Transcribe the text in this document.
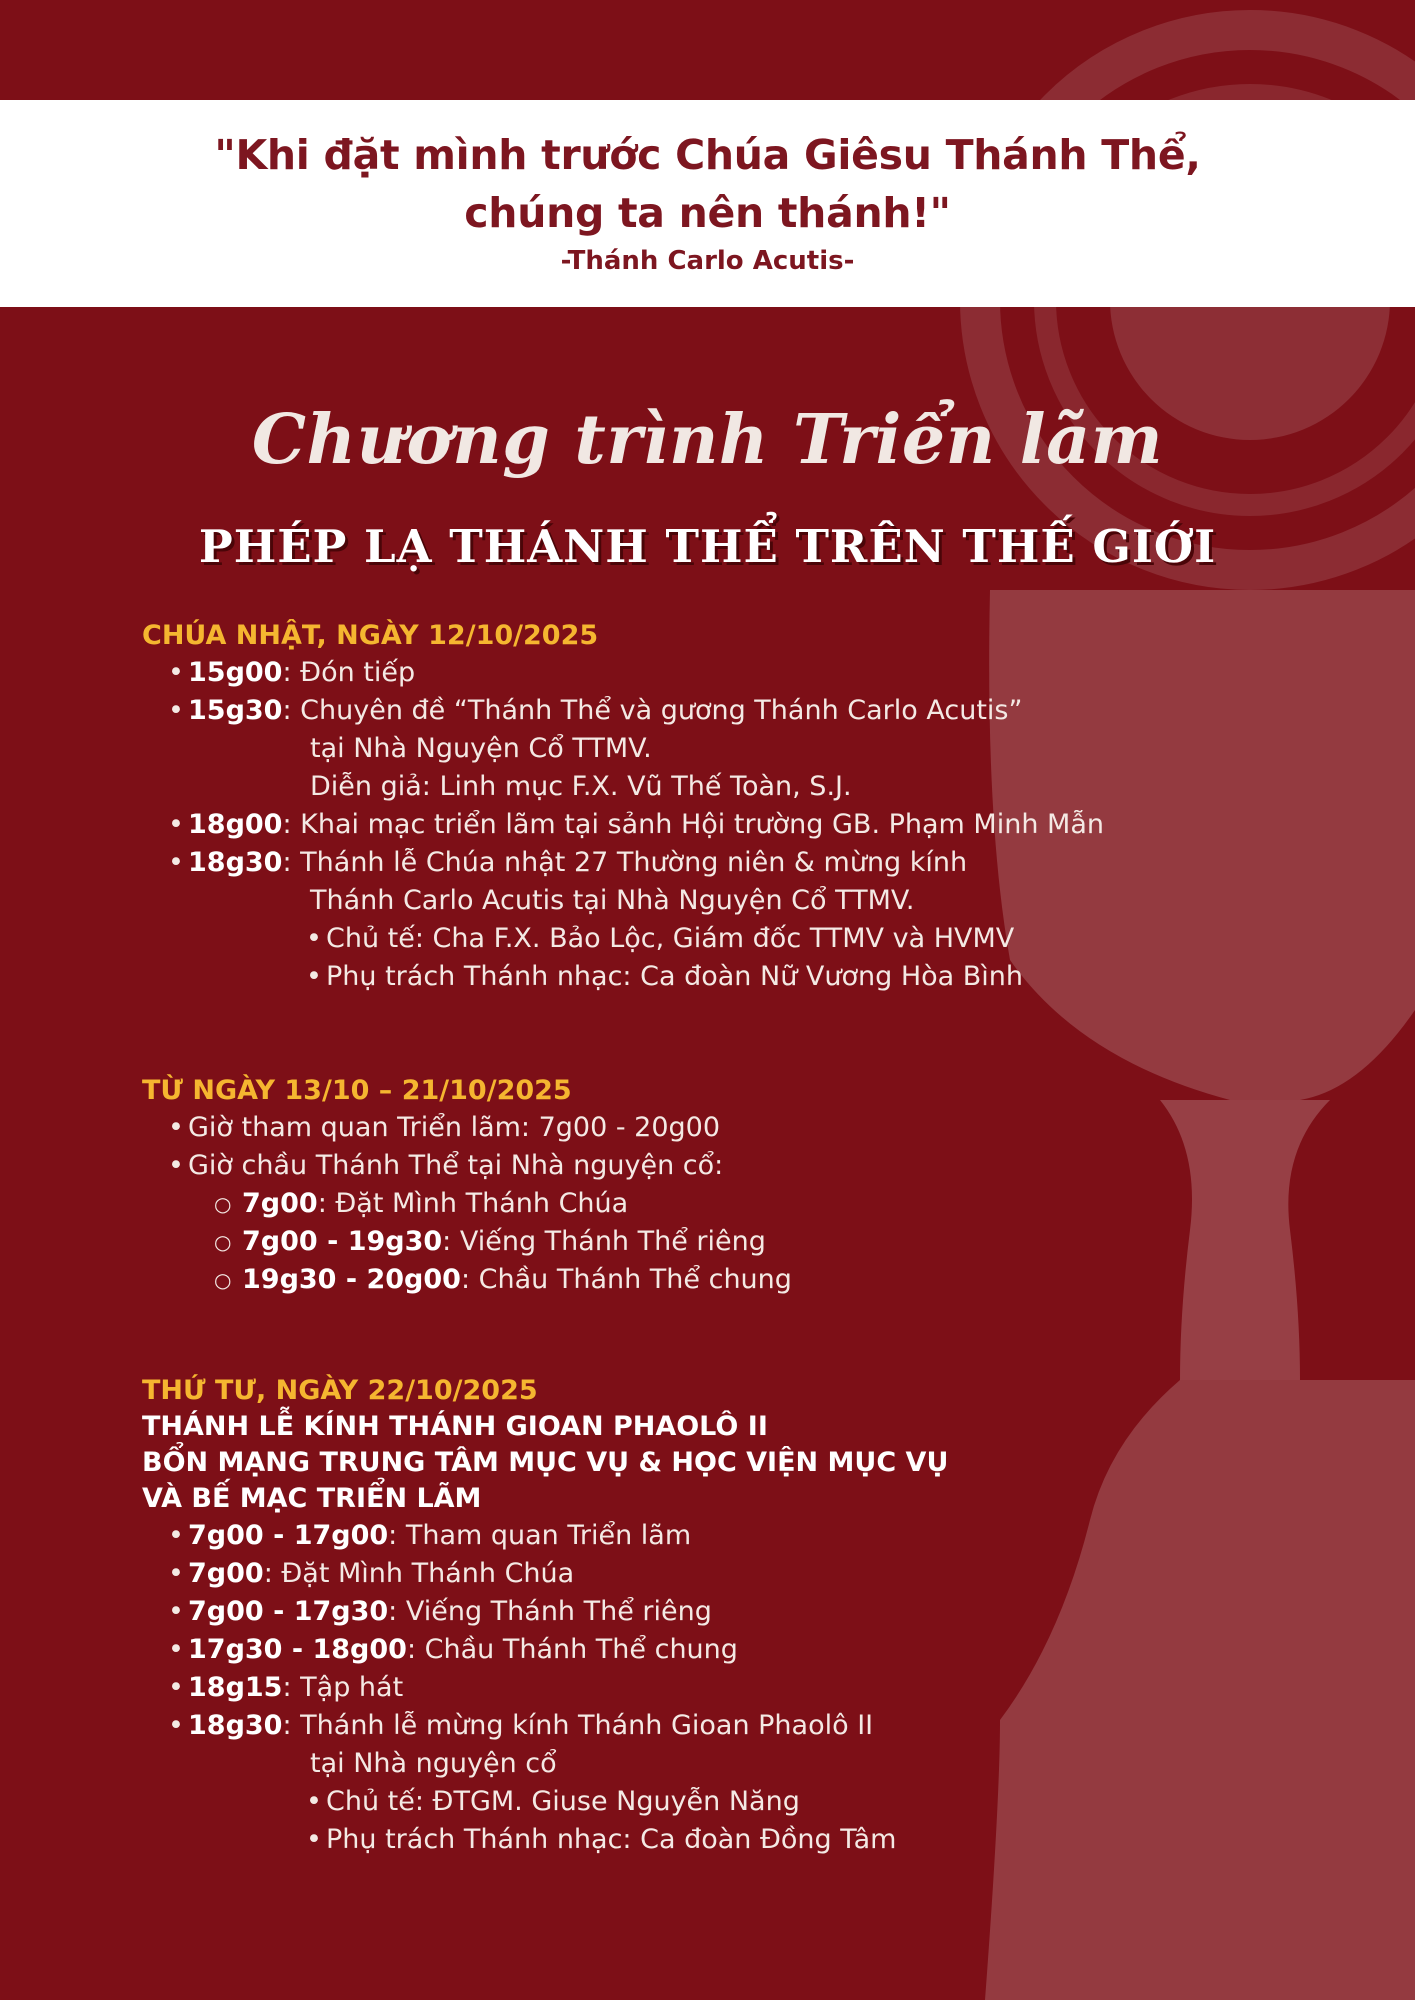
"Khi đặt mình trước Chúa Giêsu Thánh Thể,
chúng ta nên thánh!"
-Thánh Carlo Acutis-
Chương trình Triển lãm
PHÉP LẠ THÁNH THỂ TRÊN THẾ GIỚI
CHÚA NHẬT, NGÀY 12/10/2025
• 15g00: Đón tiếp
• 15g30: Chuyên đề “Thánh Thể và gương Thánh Carlo Acutis”
tại Nhà Nguyện Cổ TTMV.
Diễn giả: Linh mục F.X. Vũ Thế Toàn, S.J.
• 18g00: Khai mạc triển lãm tại sảnh Hội trường GB. Phạm Minh Mẫn
• 18g30: Thánh lễ Chúa nhật 27 Thường niên & mừng kính
Thánh Carlo Acutis tại Nhà Nguyện Cổ TTMV.
• Chủ tế: Cha F.X. Bảo Lộc, Giám đốc TTMV và HVMV
• Phụ trách Thánh nhạc: Ca đoàn Nữ Vương Hòa Bình
TỪ NGÀY 13/10 – 21/10/2025
• Giờ tham quan Triển lãm: 7g00 - 20g00
• Giờ chầu Thánh Thể tại Nhà nguyện cổ:
○ 7g00: Đặt Mình Thánh Chúa
○ 7g00 - 19g30: Viếng Thánh Thể riêng
○ 19g30 - 20g00: Chầu Thánh Thể chung
THỨ TƯ, NGÀY 22/10/2025
THÁNH LỄ KÍNH THÁNH GIOAN PHAOLÔ II
BỔN MẠNG TRUNG TÂM MỤC VỤ & HỌC VIỆN MỤC VỤ
VÀ BẾ MẠC TRIỂN LÃM
• 7g00 - 17g00: Tham quan Triển lãm
• 7g00: Đặt Mình Thánh Chúa
• 7g00 - 17g30: Viếng Thánh Thể riêng
• 17g30 - 18g00: Chầu Thánh Thể chung
• 18g15: Tập hát
• 18g30: Thánh lễ mừng kính Thánh Gioan Phaolô II
tại Nhà nguyện cổ
• Chủ tế: ĐTGM. Giuse Nguyễn Năng
• Phụ trách Thánh nhạc: Ca đoàn Đồng Tâm
